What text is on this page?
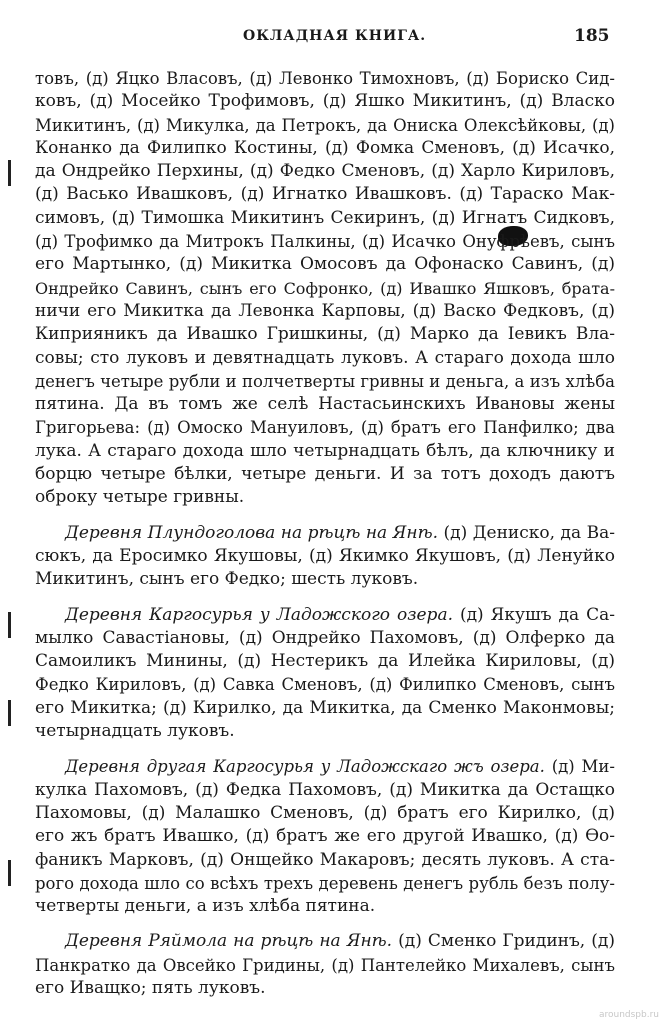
ОКЛАДНАЯ КНИГА.	185
товъ, (д) Яцко Власовъ, (д) Левонко Тимохновъ, (д) Бориско Сид-
ковъ, (д) Мосейко Трофимовъ, (д) Яшко Микитинъ, (д) Власко
Микитинъ, (д) Микулка, да Петрокъ, да Ониска Олексѣйковы, (д)
Конанко да Филипко Костины, (д) Фомка Сменовъ, (д) Исачко,
да Ондрейко Перхины, (д) Федко Сменовъ, (д) Харло Кириловъ,
(д) Васько Ивашковъ, (д) Игнатко Ивашковъ. (д) Тараско Мак-
симовъ, (д) Тимошка Микитинъ Секиринъ, (д) Игнатъ Сидковъ,
(д) Трофимко да Митрокъ Палкины, (д) Исачко Онуфрѣевъ, сынъ
его Мартынко, (д) Микитка Омосовъ да Офонаско Савинъ, (д)
Ондрейко Савинъ, сынъ его Софронко, (д) Ивашко Яшковъ, брата-
ничи его Микитка да Левонка Карповы, (д) Васко Федковъ, (д)
Киприяникъ да Ивашко Гришкины, (д) Марко да Іевикъ Вла-
совы; сто луковъ и девятнадцать луковъ. А стараго дохода шло
денегъ четыре рубли и полчетверты гривны и деньга, а изъ хлѣба
пятина. Да въ томъ же селѣ Настасьинскихъ Ивановы жены
Григорьева: (д) Омоско Мануиловъ, (д) братъ его Панфилко; два
лука. А стараго дохода шло четырнадцать бѣлъ, да ключнику и
борцю четыре бѣлки, четыре деньги. И за тотъ доходъ даютъ
оброку четыре гривны.
Деревня Плундоголова на рѣцѣ на Янѣ. (д) Дениско, да Ва-
сюкъ, да Еросимко Якушовы, (д) Якимко Якушовъ, (д) Ленуйко
Микитинъ, сынъ его Федко; шесть луковъ.
Деревня Каргосурья у Ладожского озера. (д) Якушъ да Са-
мылко Савастіановы, (д) Ондрейко Пахомовъ, (д) Олферко да
Самоиликъ Минины, (д) Нестерикъ да Илейка Кириловы, (д)
Федко Кириловъ, (д) Савка Сменовъ, (д) Филипко Сменовъ, сынъ
его Микитка; (д) Кирилко, да Микитка, да Сменко Маконмовы;
четырнадцать луковъ.
Деревня другая Каргосурья у Ладожскаго жъ озера. (д) Ми-
кулка Пахомовъ, (д) Федка Пахомовъ, (д) Микитка да Остащко
Пахомовы, (д) Малашко Сменовъ, (д) братъ его Кирилко, (д)
его жъ братъ Ивашко, (д) братъ же его другой Ивашко, (д) Ѳо-
фаникъ Марковъ, (д) Онщейко Макаровъ; десять луковъ. А ста-
рого дохода шло со всѣхъ трехъ деревень денегъ рубль безъ полу-
четверты деньги, а изъ хлѣба пятина.
Деревня Ряймола на рѣцѣ на Янѣ. (д) Сменко Гридинъ, (д)
Панкратко да Овсейко Гридины, (д) Пантелейко Михалевъ, сынъ
его Иващко; пять луковъ.
aroundspb.ru
